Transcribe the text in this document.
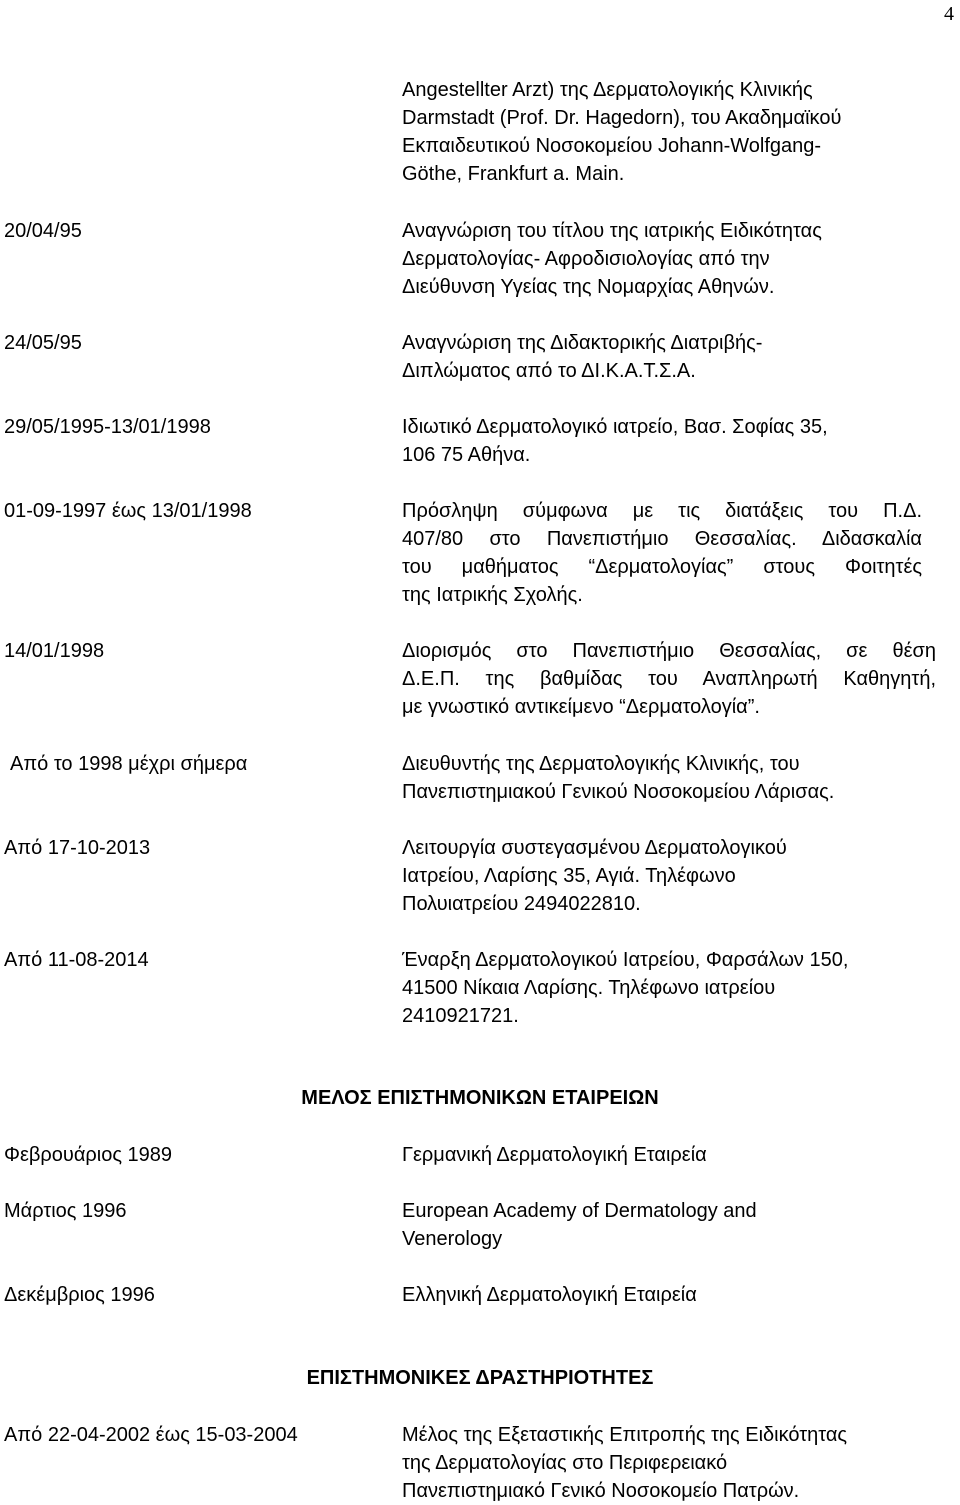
4

Angestellter Arzt) της Δερματολογικής Κλινικής

Darmstadt (Prof. Dr. Hagedorn), του Ακαδημαϊκού

Εκπαιδευτικού Νοσοκομείου Johann-Wolfgang-

Göthe, Frankfurt a. Main.

20/04/95	Αναγνώριση του τίτλου της ιατρικής Ειδικότητας

Δερματολογίας- Αφροδισιολογίας από την

Διεύθυνση Υγείας της Νομαρχίας Αθηνών.

24/05/95	Αναγνώριση της Διδακτορικής Διατριβής-

Διπλώματος από το ΔΙ.Κ.Α.Τ.Σ.Α.

29/05/1995-13/01/1998	Ιδιωτικό Δερματολογικό ιατρείο, Βασ. Σοφίας 35,

106 75 Αθήνα.

01-09-1997 έως 13/01/1998	Πρόσληψη σύμφωνα με τις διατάξεις του Π.Δ.

407/80 στο Πανεπιστήμιο Θεσσαλίας. Διδασκαλία

του μαθήματος “Δερματολογίας” στους Φοιτητές

της Ιατρικής Σχολής.

14/01/1998	Διορισμός στο Πανεπιστήμιο Θεσσαλίας, σε θέση

Δ.Ε.Π. της βαθμίδας του Αναπληρωτή Καθηγητή,

με γνωστικό αντικείμενο “Δερματολογία”.

Από το 1998 μέχρι σήμερα	Διευθυντής της Δερματολογικής Κλινικής, του

Πανεπιστημιακού Γενικού Νοσοκομείου Λάρισας.

Από 17-10-2013	Λειτουργία συστεγασμένου Δερματολογικού

Ιατρείου, Λαρίσης 35, Αγιά. Τηλέφωνο

Πολυιατρείου 2494022810.

Από 11-08-2014	Έναρξη Δερματολογικού Ιατρείου, Φαρσάλων 150,

41500 Νίκαια Λαρίσης. Τηλέφωνο ιατρείου

2410921721.

ΜΕΛΟΣ ΕΠΙΣΤΗΜΟΝΙΚΩΝ ΕΤΑΙΡΕΙΩΝ

Φεβρουάριος 1989	Γερμανική Δερματολογική Εταιρεία

Μάρτιος 1996	European Academy of Dermatology and

Venerology

Δεκέμβριος 1996	Ελληνική Δερματολογική Εταιρεία

ΕΠΙΣΤΗΜΟΝΙΚΕΣ ΔΡΑΣΤΗΡΙΟΤΗΤΕΣ

Από 22-04-2002 έως 15-03-2004	Μέλος της Εξεταστικής Επιτροπής της Ειδικότητας

της Δερματολογίας στο Περιφερειακό

Πανεπιστημιακό Γενικό Νοσοκομείο Πατρών.
